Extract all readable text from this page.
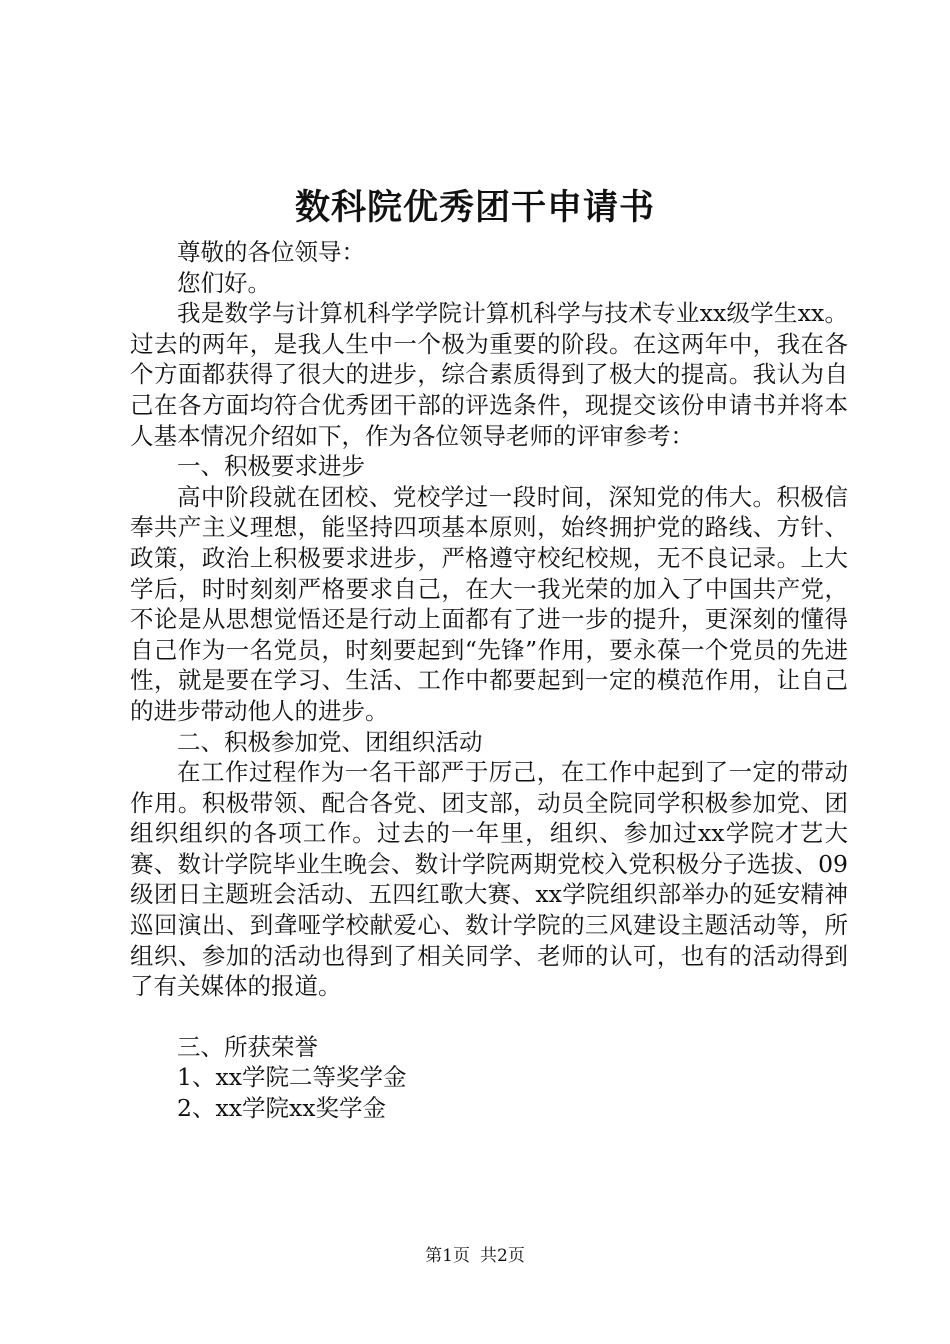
数科院优秀团干申请书

尊敬的各位领导：

您们好。

我是数学与计算机科学学院计算机科学与技术专业xx级学生xx。过去的两年，是我人生中一个极为重要的阶段。在这两年中，我在各个方面都获得了很大的进步，综合素质得到了极大的提高。我认为自己在各方面均符合优秀团干部的评选条件，现提交该份申请书并将本人基本情况介绍如下，作为各位领导老师的评审参考：

一、积极要求进步

高中阶段就在团校、党校学过一段时间，深知党的伟大。积极信奉共产主义理想，能坚持四项基本原则，始终拥护党的路线、方针、政策，政治上积极要求进步，严格遵守校纪校规，无不良记录。上大学后，时时刻刻严格要求自己，在大一我光荣的加入了中国共产党，不论是从思想觉悟还是行动上面都有了进一步的提升，更深刻的懂得自己作为一名党员，时刻要起到“先锋”作用，要永葆一个党员的先进性，就是要在学习、生活、工作中都要起到一定的模范作用，让自己的进步带动他人的进步。

二、积极参加党、团组织活动

在工作过程作为一名干部严于厉己，在工作中起到了一定的带动作用。积极带领、配合各党、团支部，动员全院同学积极参加党、团组织组织的各项工作。过去的一年里，组织、参加过xx学院才艺大赛、数计学院毕业生晚会、数计学院两期党校入党积极分子选拔、09级团日主题班会活动、五四红歌大赛、xx学院组织部举办的延安精神巡回演出、到聋哑学校献爱心、数计学院的三风建设主题活动等，所组织、参加的活动也得到了相关同学、老师的认可，也有的活动得到了有关媒体的报道。

三、所获荣誉

1、xx学院二等奖学金

2、xx学院xx奖学金

第1页 共2页
